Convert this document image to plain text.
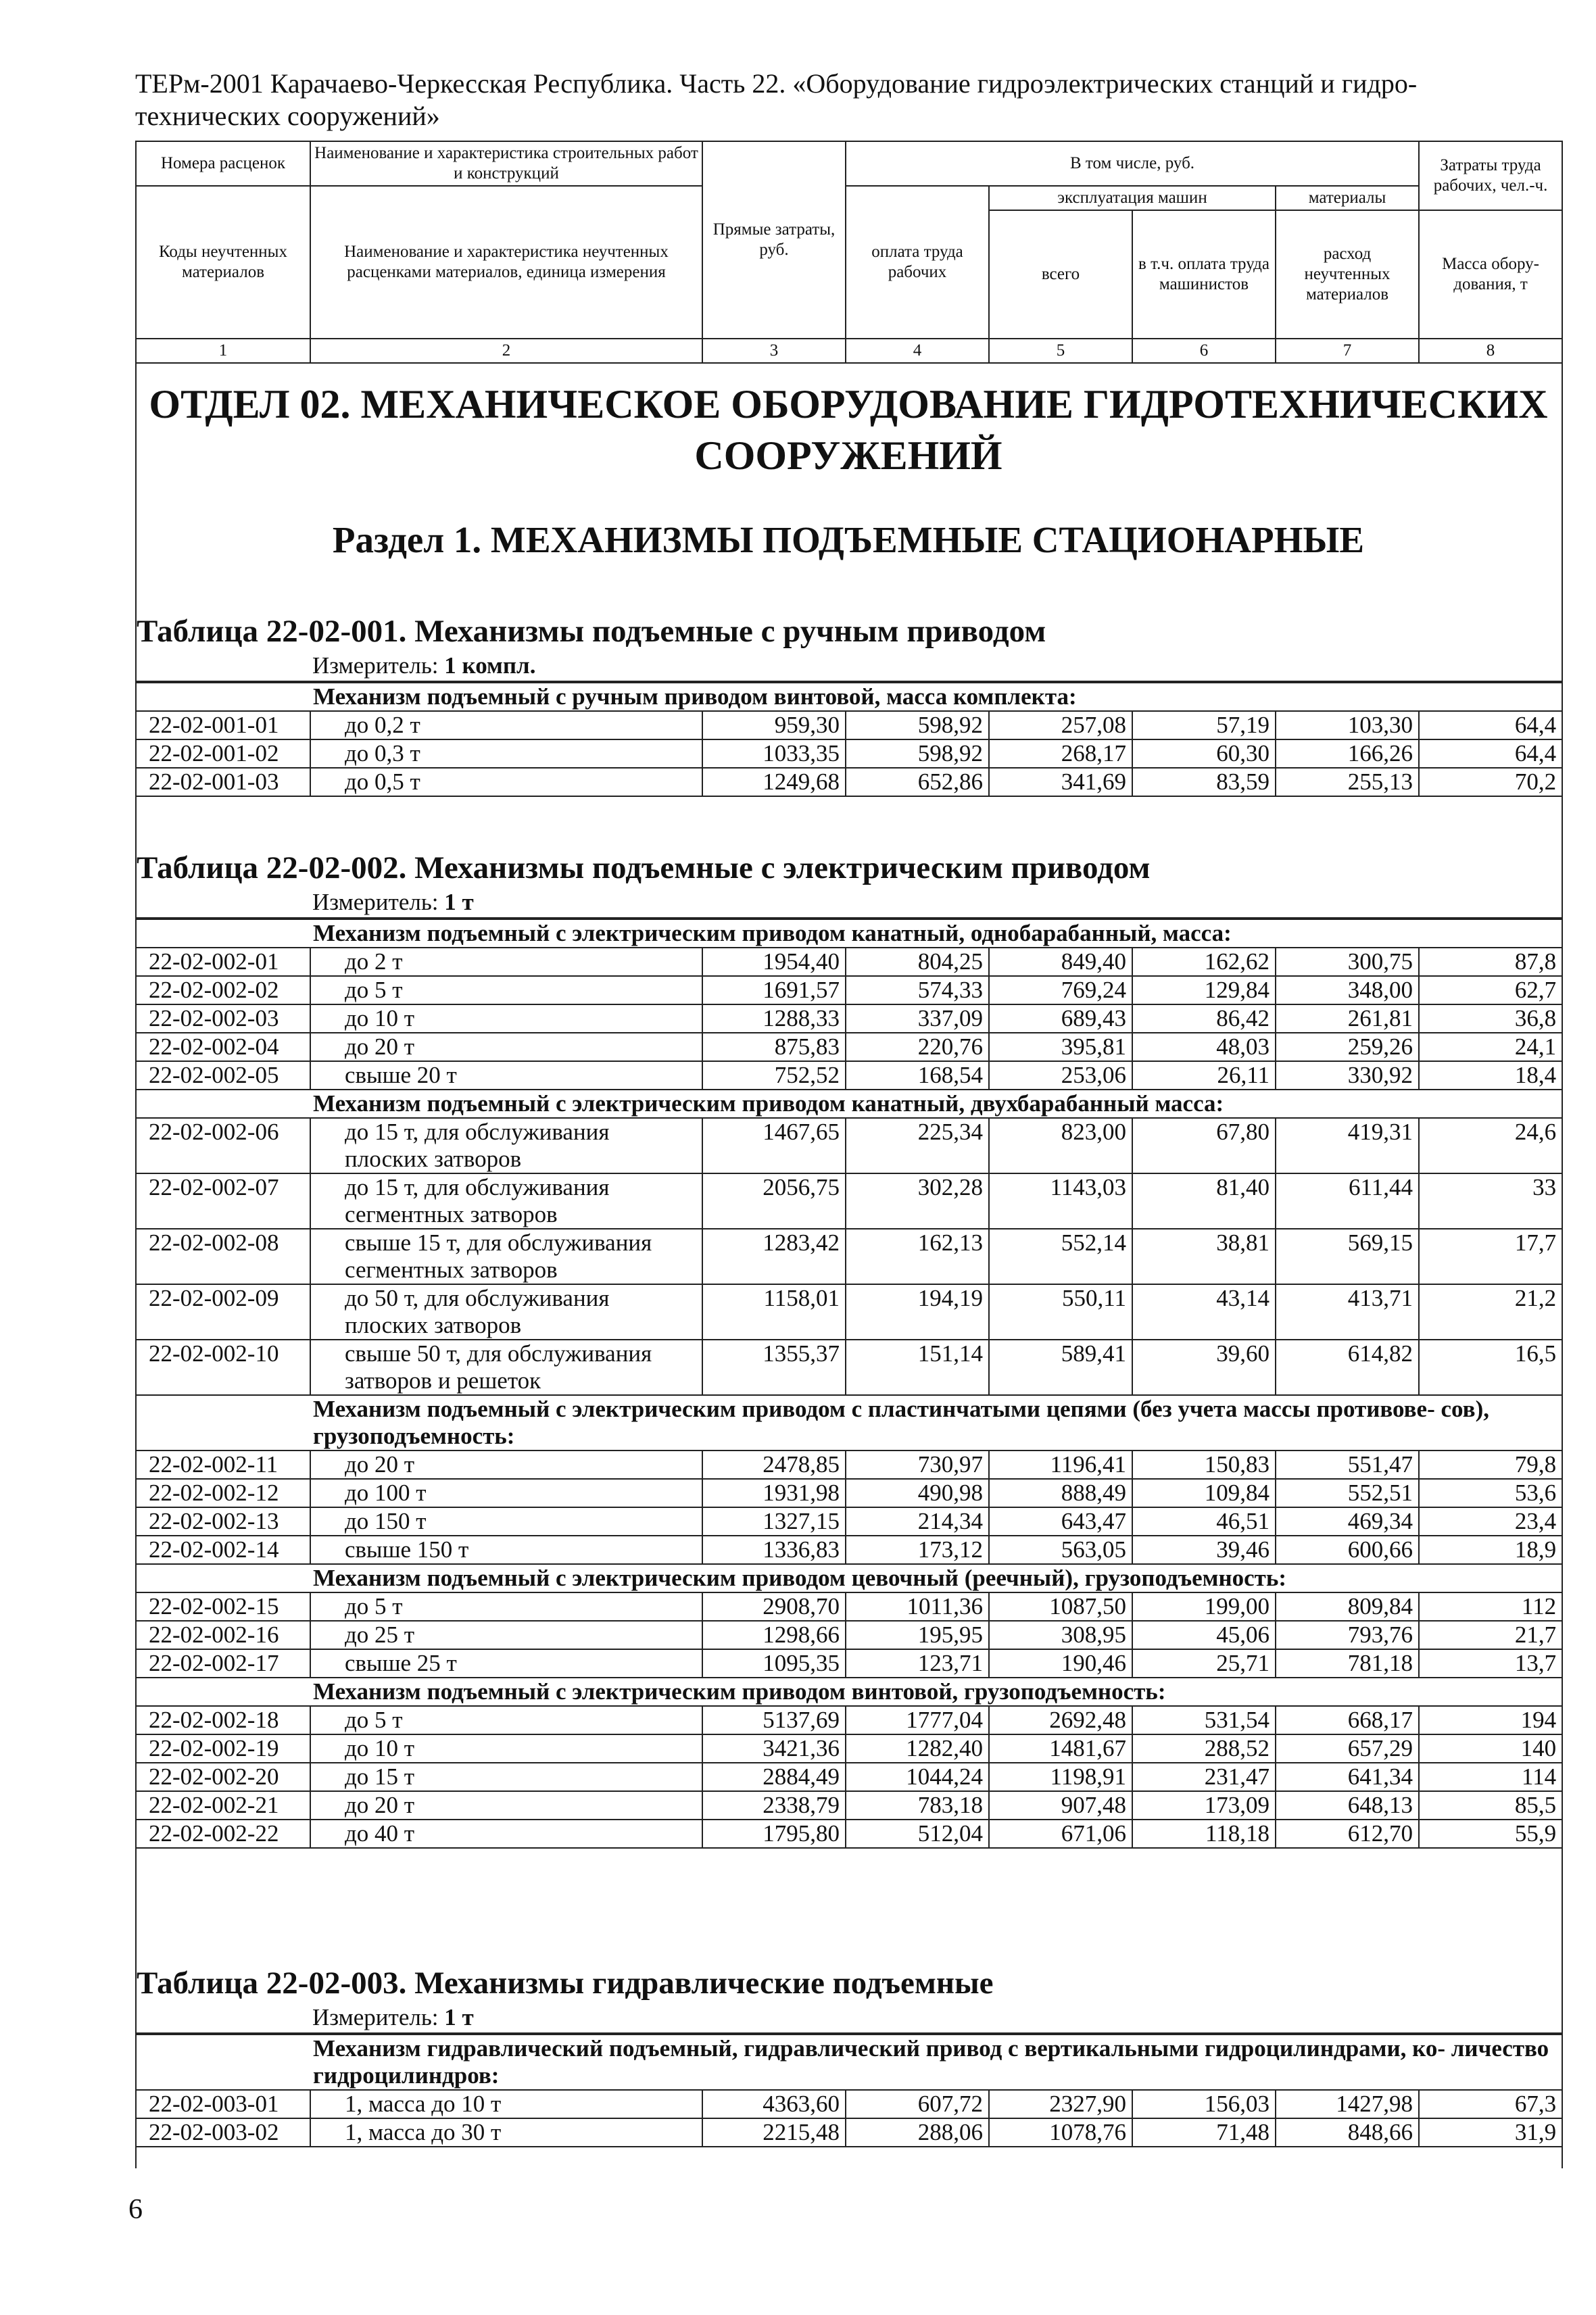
ТЕРм-2001 Карачаево-Черкесская Республика. Часть 22. «Оборудование гидроэлектрических станций и гидро- технических сооружений»
Номера расценок	Наименование и характеристика строительных работ и конструкций	Прямые затраты, руб.	В том числе, руб.				Затраты труда рабочих, чел.-ч.
Коды неучтенных материалов	Наименование и характеристика неучтенных расценками материалов, единица измерения		оплата труда рабочих	эксплуатация машин		материалы	
				всего	в т.ч. оплата труда машинистов	расход неучтенных материалов	Масса обору- дования, т
1	2	3	4	5	6	7	8
ОТДЕЛ 02. МЕХАНИЧЕСКОЕ ОБОРУДОВАНИЕ ГИДРОТЕХНИЧЕСКИХ СООРУЖЕНИЙ
Раздел 1. МЕХАНИЗМЫ ПОДЪЕМНЫЕ СТАЦИОНАРНЫЕ
Таблица 22-02-001. Механизмы подъемные с ручным приводом
Измеритель: 1 компл.
	Механизм подъемный с ручным приводом винтовой, масса комплекта:						
22-02-001-01	до 0,2 т	959,30	598,92	257,08	57,19	103,30	64,4
22-02-001-02	до 0,3 т	1033,35	598,92	268,17	60,30	166,26	64,4
22-02-001-03	до 0,5 т	1249,68	652,86	341,69	83,59	255,13	70,2
Таблица 22-02-002. Механизмы подъемные с электрическим приводом
Измеритель: 1 т
	Механизм подъемный с электрическим приводом канатный, однобарабанный, масса:						
22-02-002-01	до 2 т	1954,40	804,25	849,40	162,62	300,75	87,8
22-02-002-02	до 5 т	1691,57	574,33	769,24	129,84	348,00	62,7
22-02-002-03	до 10 т	1288,33	337,09	689,43	86,42	261,81	36,8
22-02-002-04	до 20 т	875,83	220,76	395,81	48,03	259,26	24,1
22-02-002-05	свыше 20 т	752,52	168,54	253,06	26,11	330,92	18,4
	Механизм подъемный с электрическим приводом канатный, двухбарабанный масса:						
22-02-002-06	до 15 т, для обслуживания плоских затворов	1467,65	225,34	823,00	67,80	419,31	24,6
22-02-002-07	до 15 т, для обслуживания сегментных затворов	2056,75	302,28	1143,03	81,40	611,44	33
22-02-002-08	свыше 15 т, для обслуживания сегментных затворов	1283,42	162,13	552,14	38,81	569,15	17,7
22-02-002-09	до 50 т, для обслуживания плоских затворов	1158,01	194,19	550,11	43,14	413,71	21,2
22-02-002-10	свыше 50 т, для обслуживания затворов и решеток	1355,37	151,14	589,41	39,60	614,82	16,5
	Механизм подъемный с электрическим приводом с пластинчатыми цепями (без учета массы противове- сов), грузоподъемность:						
22-02-002-11	до 20 т	2478,85	730,97	1196,41	150,83	551,47	79,8
22-02-002-12	до 100 т	1931,98	490,98	888,49	109,84	552,51	53,6
22-02-002-13	до 150 т	1327,15	214,34	643,47	46,51	469,34	23,4
22-02-002-14	свыше 150 т	1336,83	173,12	563,05	39,46	600,66	18,9
	Механизм подъемный с электрическим приводом цевочный (реечный), грузоподъемность:						
22-02-002-15	до 5 т	2908,70	1011,36	1087,50	199,00	809,84	112
22-02-002-16	до 25 т	1298,66	195,95	308,95	45,06	793,76	21,7
22-02-002-17	свыше 25 т	1095,35	123,71	190,46	25,71	781,18	13,7
	Механизм подъемный с электрическим приводом винтовой, грузоподъемность:						
22-02-002-18	до 5 т	5137,69	1777,04	2692,48	531,54	668,17	194
22-02-002-19	до 10 т	3421,36	1282,40	1481,67	288,52	657,29	140
22-02-002-20	до 15 т	2884,49	1044,24	1198,91	231,47	641,34	114
22-02-002-21	до 20 т	2338,79	783,18	907,48	173,09	648,13	85,5
22-02-002-22	до 40 т	1795,80	512,04	671,06	118,18	612,70	55,9
Таблица 22-02-003. Механизмы гидравлические подъемные
Измеритель: 1 т
	Механизм гидравлический подъемный, гидравлический привод с вертикальными гидроцилиндрами, ко- личество гидроцилиндров:						
22-02-003-01	1, масса до 10 т	4363,60	607,72	2327,90	156,03	1427,98	67,3
22-02-003-02	1, масса до 30 т	2215,48	288,06	1078,76	71,48	848,66	31,9
6
